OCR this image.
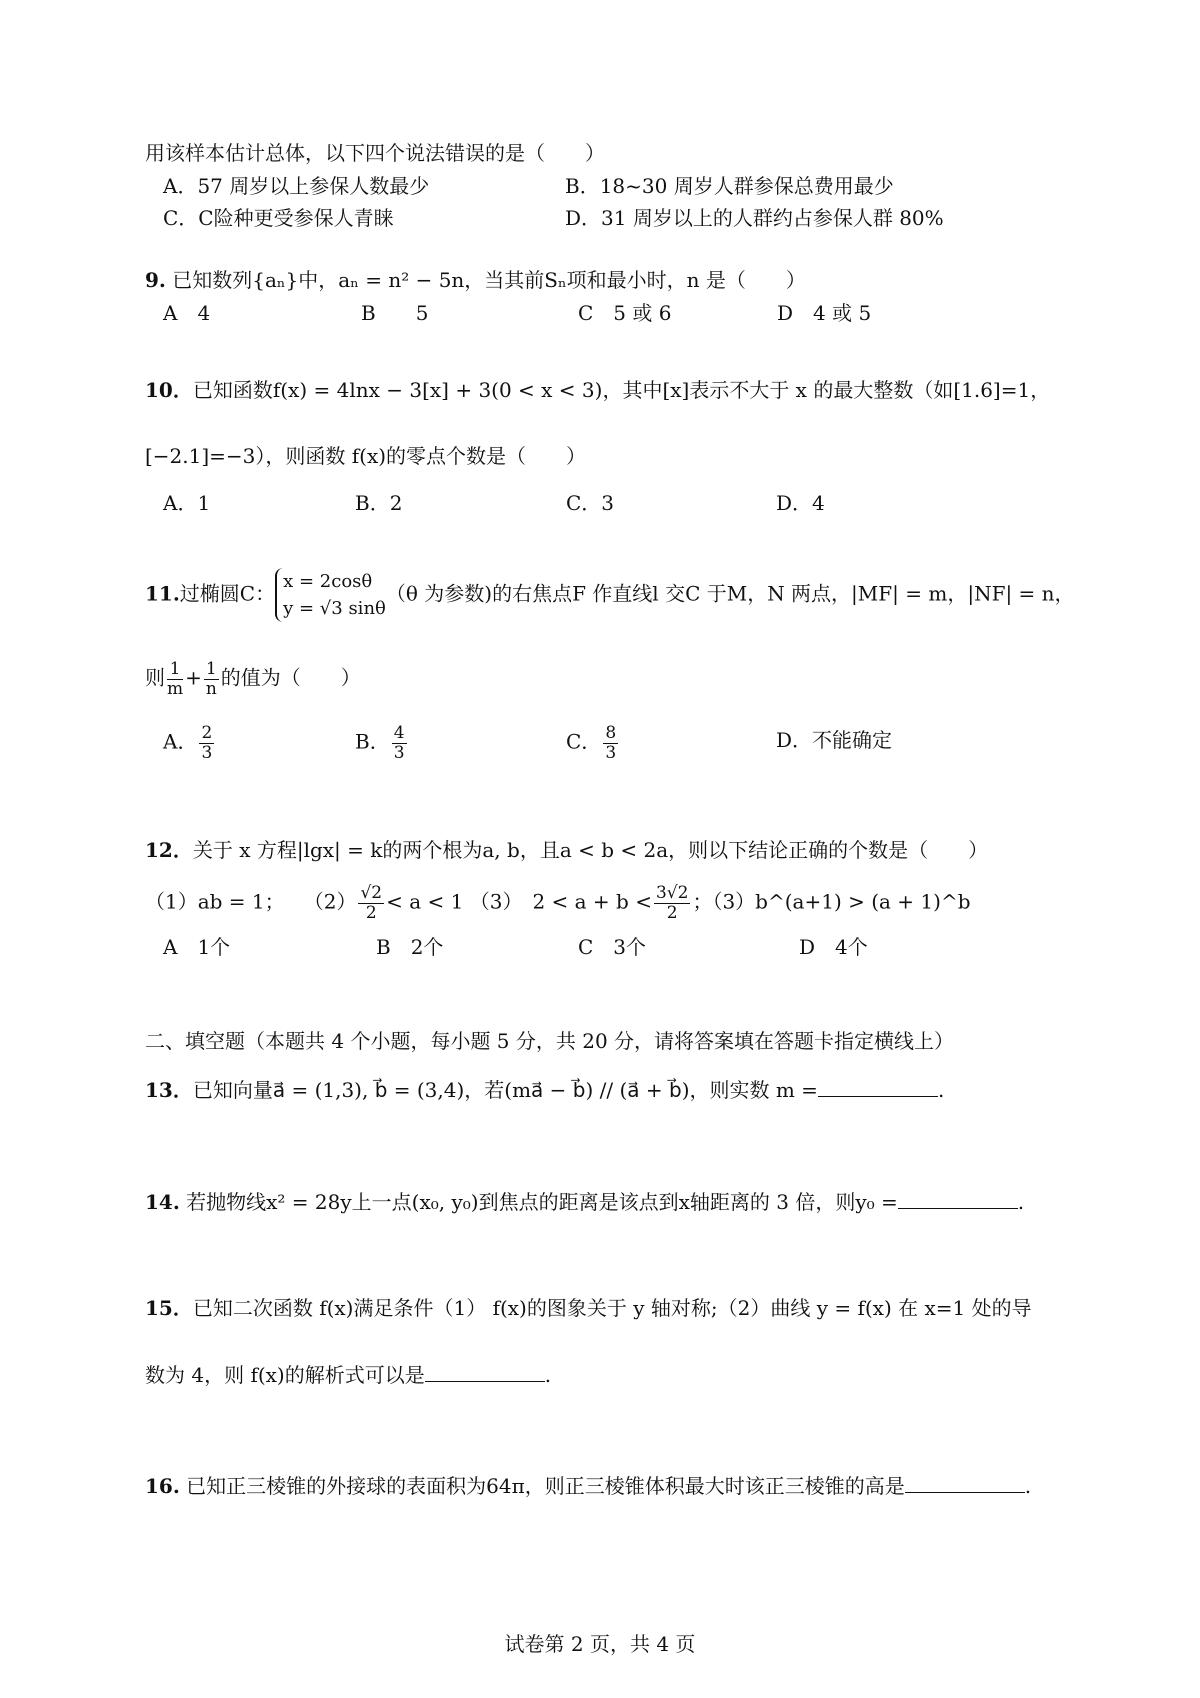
用该样本估计总体，以下四个说法错误的是（　　）
A．57 周岁以上参保人数最少	B．18~30 周岁人群参保总费用最少
C．C险种更受参保人青睐	D．31 周岁以上的人群约占参保人群 80%
9. 已知数列{aₙ}中，aₙ = n² − 5n，当其前Sₙ项和最小时，n 是（　　）
A　4	B　　5	C　5 或 6	D　4 或 5
10．已知函数f(x) = 4lnx − 3[x] + 3(0 < x < 3)，其中[x]表示不大于 x 的最大整数（如[1.6]=1，
[−2.1]=−3），则函数 f(x)的零点个数是（　　）
A．1	B．2	C．3	D．4
11.过椭圆C： x = 2cosθ
y = √3 sinθ
（θ 为参数)的右焦点F 作直线l 交C 于M，N 两点，|MF| = m，|NF| = n，
则 $\frac{1}{m} + \frac{1}{n}$ 的值为（　　）
A． $\frac{2}{3}$	B． $\frac{4}{3}$	C． $\frac{8}{3}$	D．不能确定
12．关于 x 方程|lgx| = k的两个根为a, b，且a < b < 2a，则以下结论正确的个数是（　　）
（1）ab = 1； $(2) \frac{√2}{2} < a < 1$ （3）　$2 < a + b < \frac{3√2}{2}$ ；（3）b^(a+1) > (a + 1)^b
A　1个	B　2个	C　3个	D　4个
二、填空题（本题共 4 个小题，每小题 5 分，共 20 分，请将答案填在答题卡指定横线上）
13．已知向量a⃗ = (1,3), b⃗ = (3,4)，若(ma⃗ − b⃗) // (a⃗ + b⃗)，则实数 m =	.
14. 若抛物线x² = 28y上一点(x₀, y₀)到焦点的距离是该点到x轴距离的 3 倍，则y₀ =	.
15．已知二次函数 f(x)满足条件（1） f(x)的图象关于 y 轴对称;（2）曲线 y = f(x) 在 x=1 处的导
数为 4，则 f(x)的解析式可以是	.
16. 已知正三棱锥的外接球的表面积为64π，则正三棱锥体积最大时该正三棱锥的高是	.
试卷第 2 页，共 4 页
